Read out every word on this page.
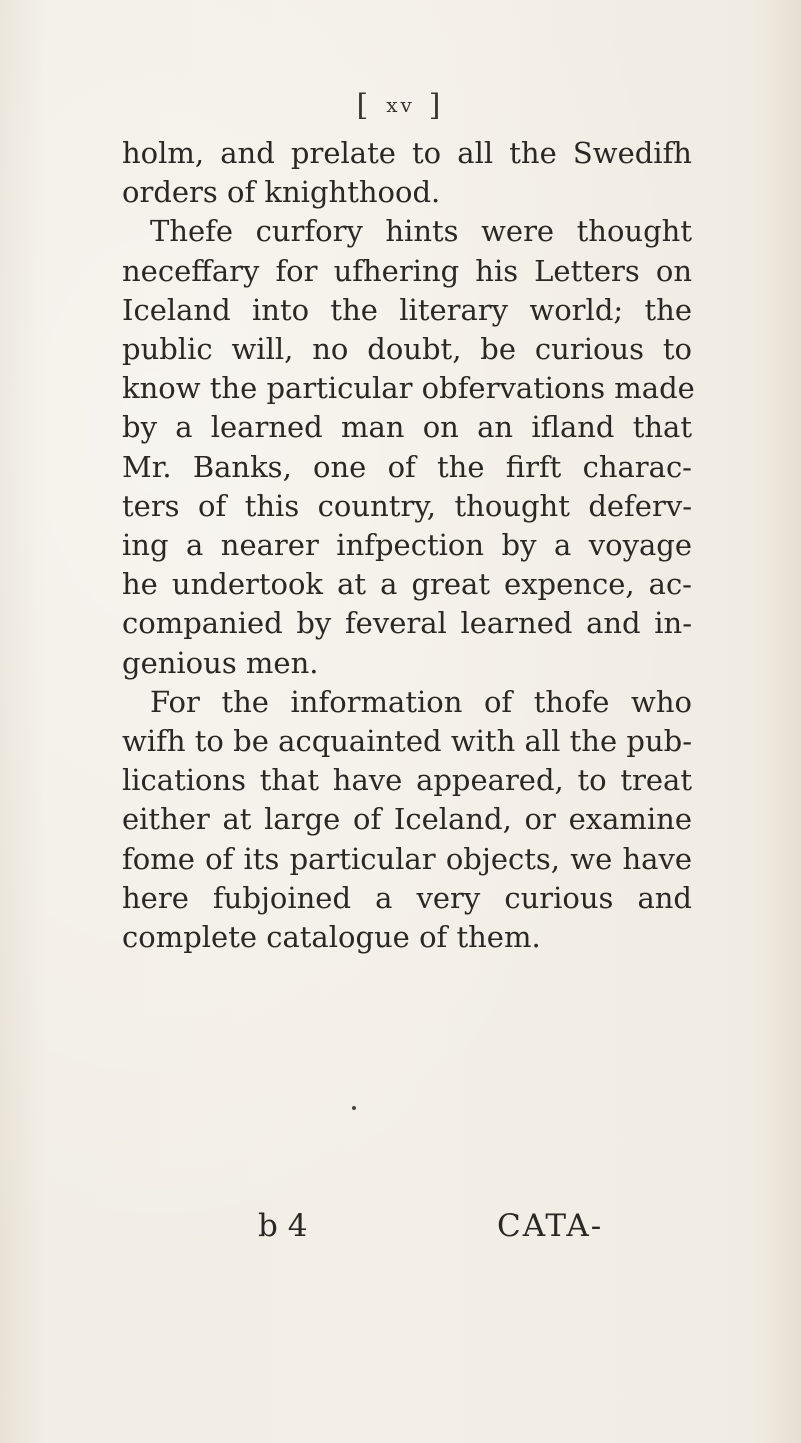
[ xv ]
holm, and prelate to all the Swedifh
orders of knighthood.
Thefe curfory hints were thought
neceffary for ufhering his Letters on
Iceland into the literary world; the
public will, no doubt, be curious to
know the particular obfervations made
by a learned man on an ifland that
Mr. Banks, one of the firft charac-
ters of this country, thought deferv-
ing a nearer infpection by a voyage
he undertook at a great expence, ac-
companied by feveral learned and in-
genious men.
For the information of thofe who
wifh to be acquainted with all the pub-
lications that have appeared, to treat
either at large of Iceland, or examine
fome of its particular objects, we have
here fubjoined a very curious and
complete catalogue of them.
b 4	CATA-
